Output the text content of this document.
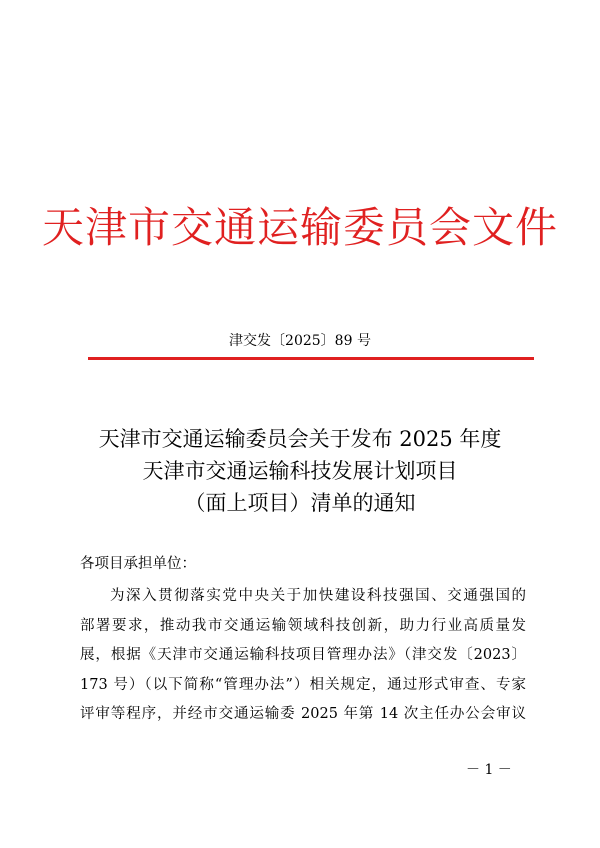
天津市交通运输委员会文件
津交发〔2025〕89 号
天津市交通运输委员会关于发布 2025 年度
天津市交通运输科技发展计划项目
（面上项目）清单的通知
各项目承担单位：
为深入贯彻落实党中央关于加快建设科技强国、交通强国的
部署要求，推动我市交通运输领域科技创新，助力行业高质量发
展，根据《天津市交通运输科技项目管理办法》（津交发〔2023〕
173 号）（以下简称“管理办法”）相关规定，通过形式审查、专家
评审等程序，并经市交通运输委 2025 年第 14 次主任办公会审议
－ 1 －
